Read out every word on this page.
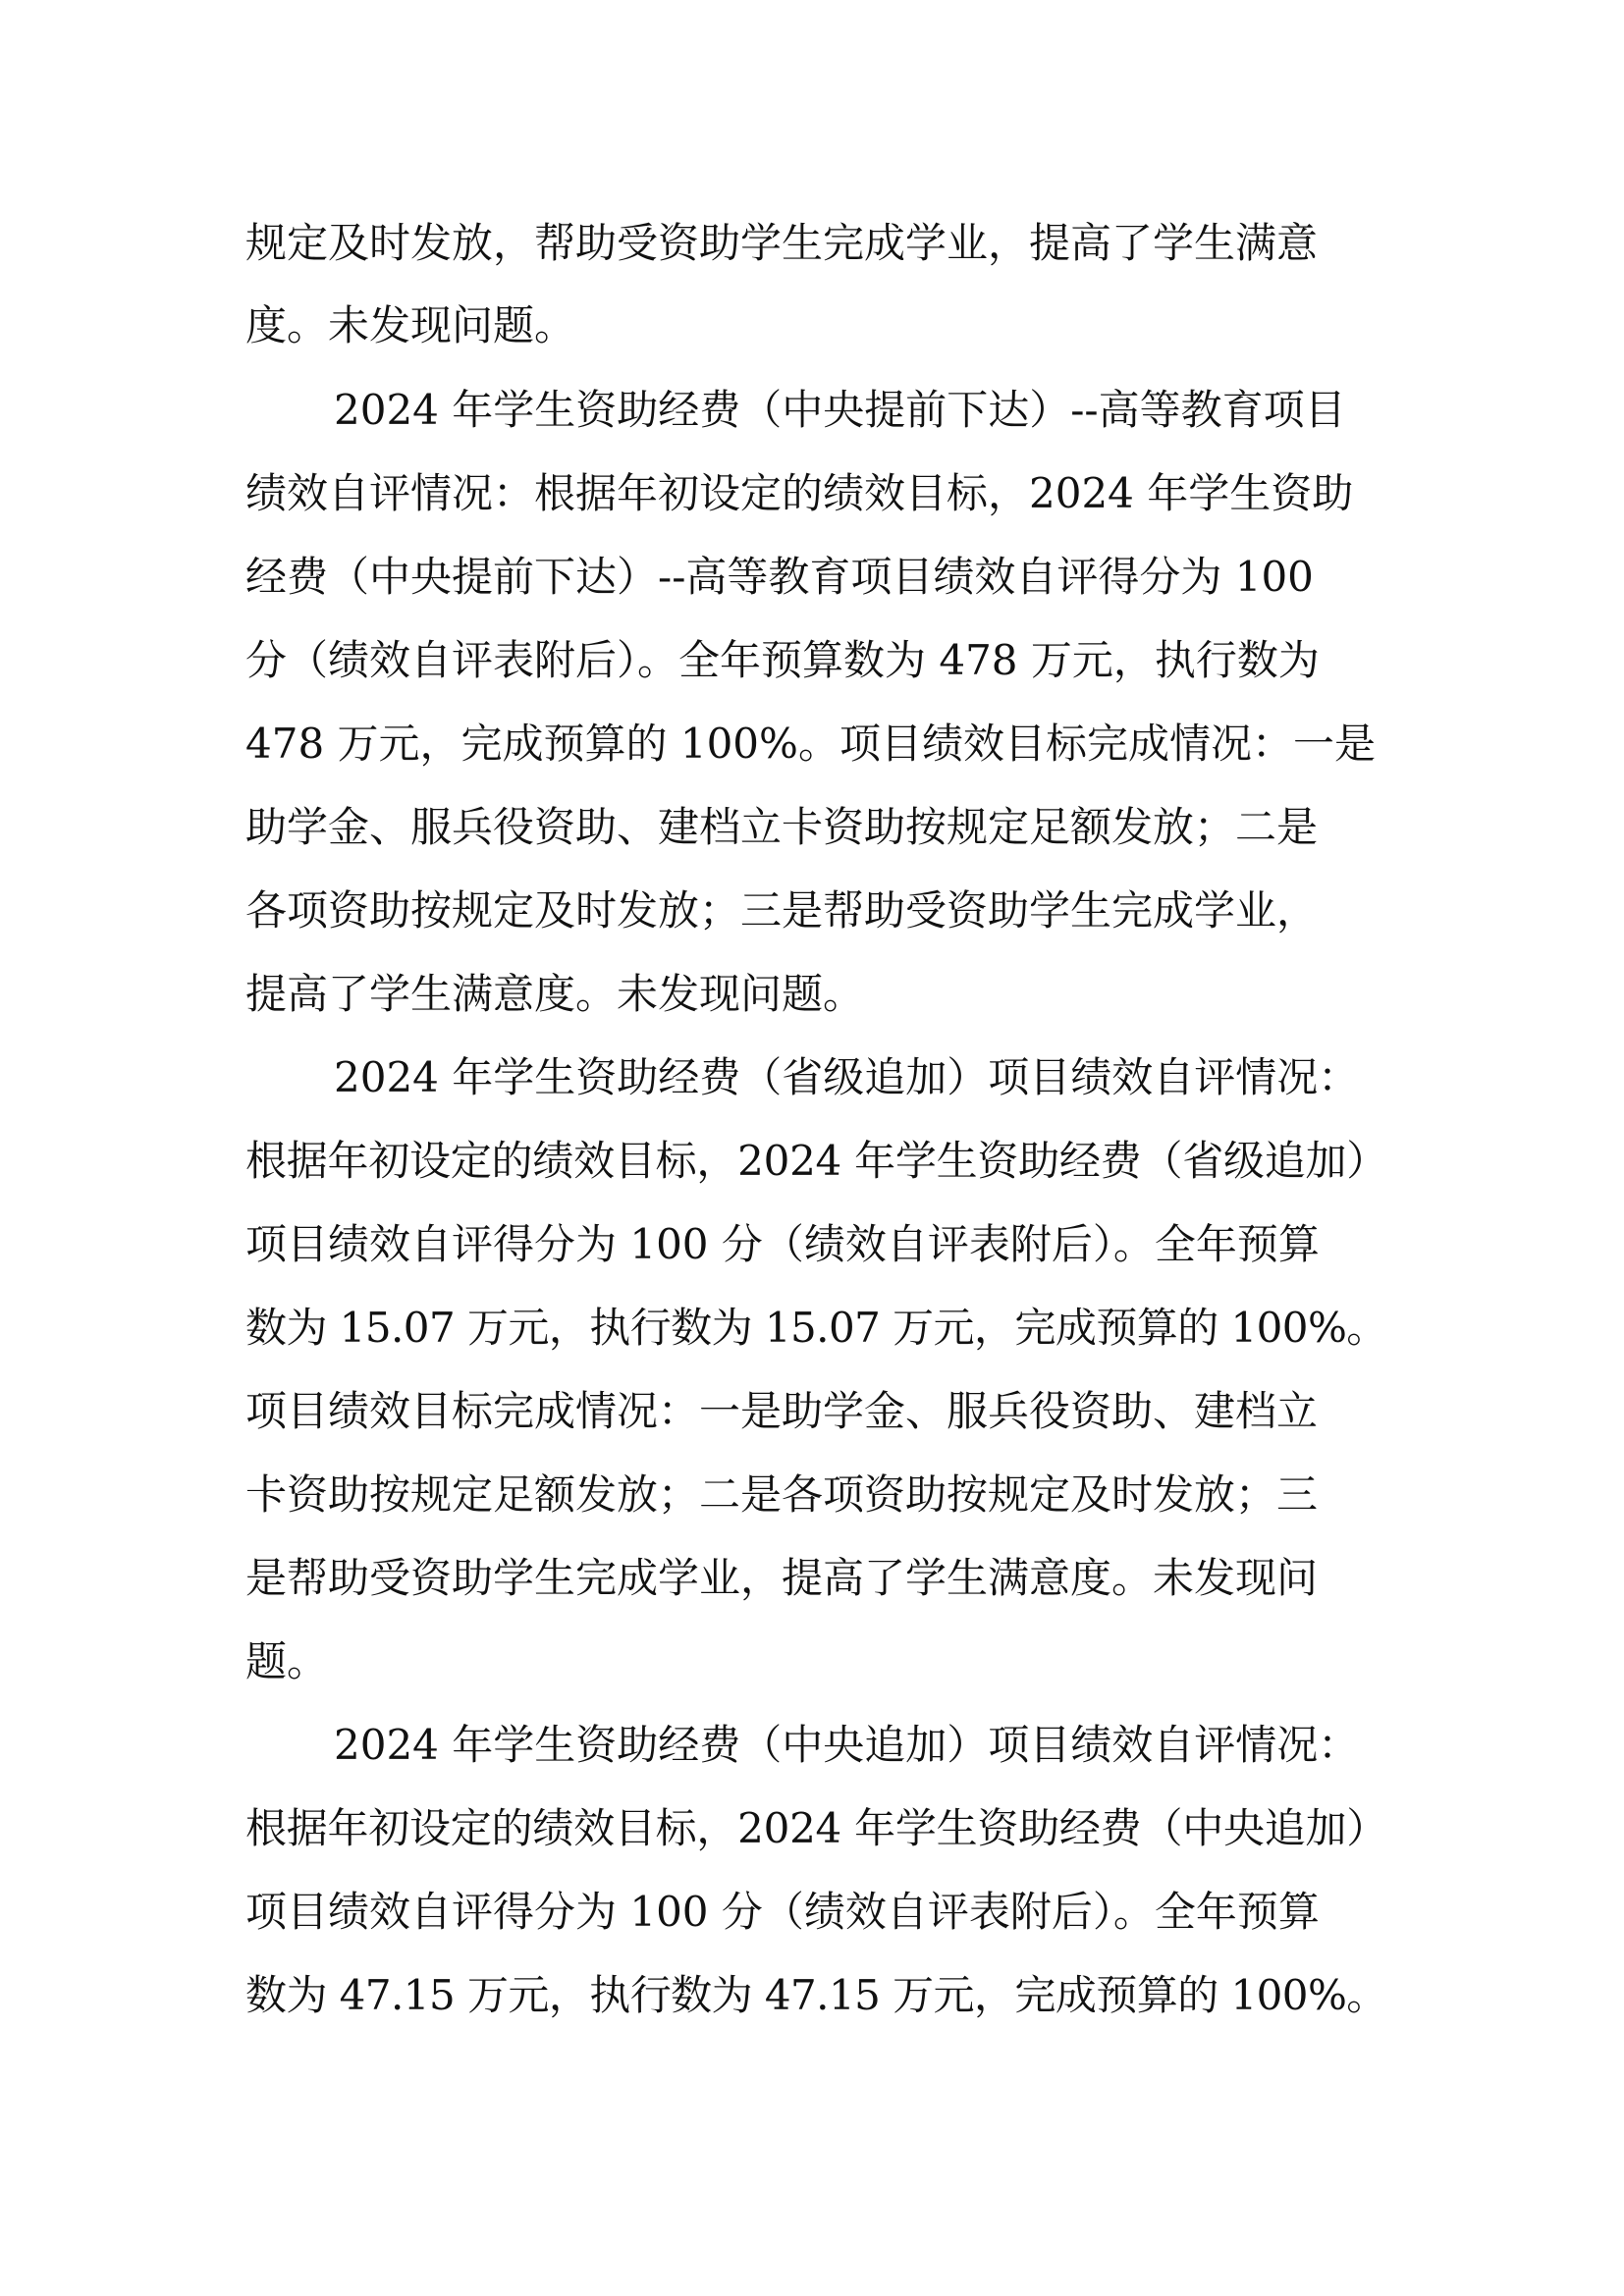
规定及时发放，帮助受资助学生完成学业，提高了学生满意
度。未发现问题。
2024 年学生资助经费（中央提前下达）--高等教育项目
绩效自评情况：根据年初设定的绩效目标，2024 年学生资助
经费（中央提前下达）--高等教育项目绩效自评得分为 100
分（绩效自评表附后）。全年预算数为 478 万元，执行数为
478 万元，完成预算的 100%。项目绩效目标完成情况：一是
助学金、服兵役资助、建档立卡资助按规定足额发放；二是
各项资助按规定及时发放；三是帮助受资助学生完成学业，
提高了学生满意度。未发现问题。
2024 年学生资助经费（省级追加）项目绩效自评情况：
根据年初设定的绩效目标，2024 年学生资助经费（省级追加）
项目绩效自评得分为 100 分（绩效自评表附后）。全年预算
数为 15.07 万元，执行数为 15.07 万元，完成预算的 100%。
项目绩效目标完成情况：一是助学金、服兵役资助、建档立
卡资助按规定足额发放；二是各项资助按规定及时发放；三
是帮助受资助学生完成学业，提高了学生满意度。未发现问
题。
2024 年学生资助经费（中央追加）项目绩效自评情况：
根据年初设定的绩效目标，2024 年学生资助经费（中央追加）
项目绩效自评得分为 100 分（绩效自评表附后）。全年预算
数为 47.15 万元，执行数为 47.15 万元，完成预算的 100%。
